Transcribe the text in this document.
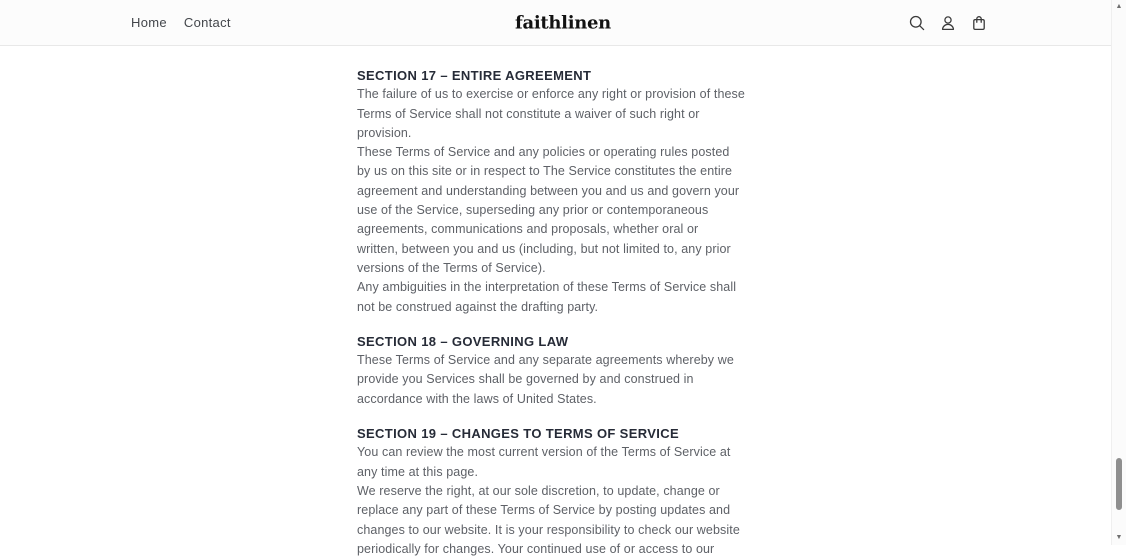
Home Contact	faithlinen
SECTION 17 – ENTIRE AGREEMENT
The failure of us to exercise or enforce any right or provision of these
Terms of Service shall not constitute a waiver of such right or
provision.
These Terms of Service and any policies or operating rules posted
by us on this site or in respect to The Service constitutes the entire
agreement and understanding between you and us and govern your
use of the Service, superseding any prior or contemporaneous
agreements, communications and proposals, whether oral or
written, between you and us (including, but not limited to, any prior
versions of the Terms of Service).
Any ambiguities in the interpretation of these Terms of Service shall
not be construed against the drafting party.
SECTION 18 – GOVERNING LAW
These Terms of Service and any separate agreements whereby we
provide you Services shall be governed by and construed in
accordance with the laws of United States.
SECTION 19 – CHANGES TO TERMS OF SERVICE
You can review the most current version of the Terms of Service at
any time at this page.
We reserve the right, at our sole discretion, to update, change or
replace any part of these Terms of Service by posting updates and
changes to our website. It is your responsibility to check our website
periodically for changes. Your continued use of or access to our
▲
▼
